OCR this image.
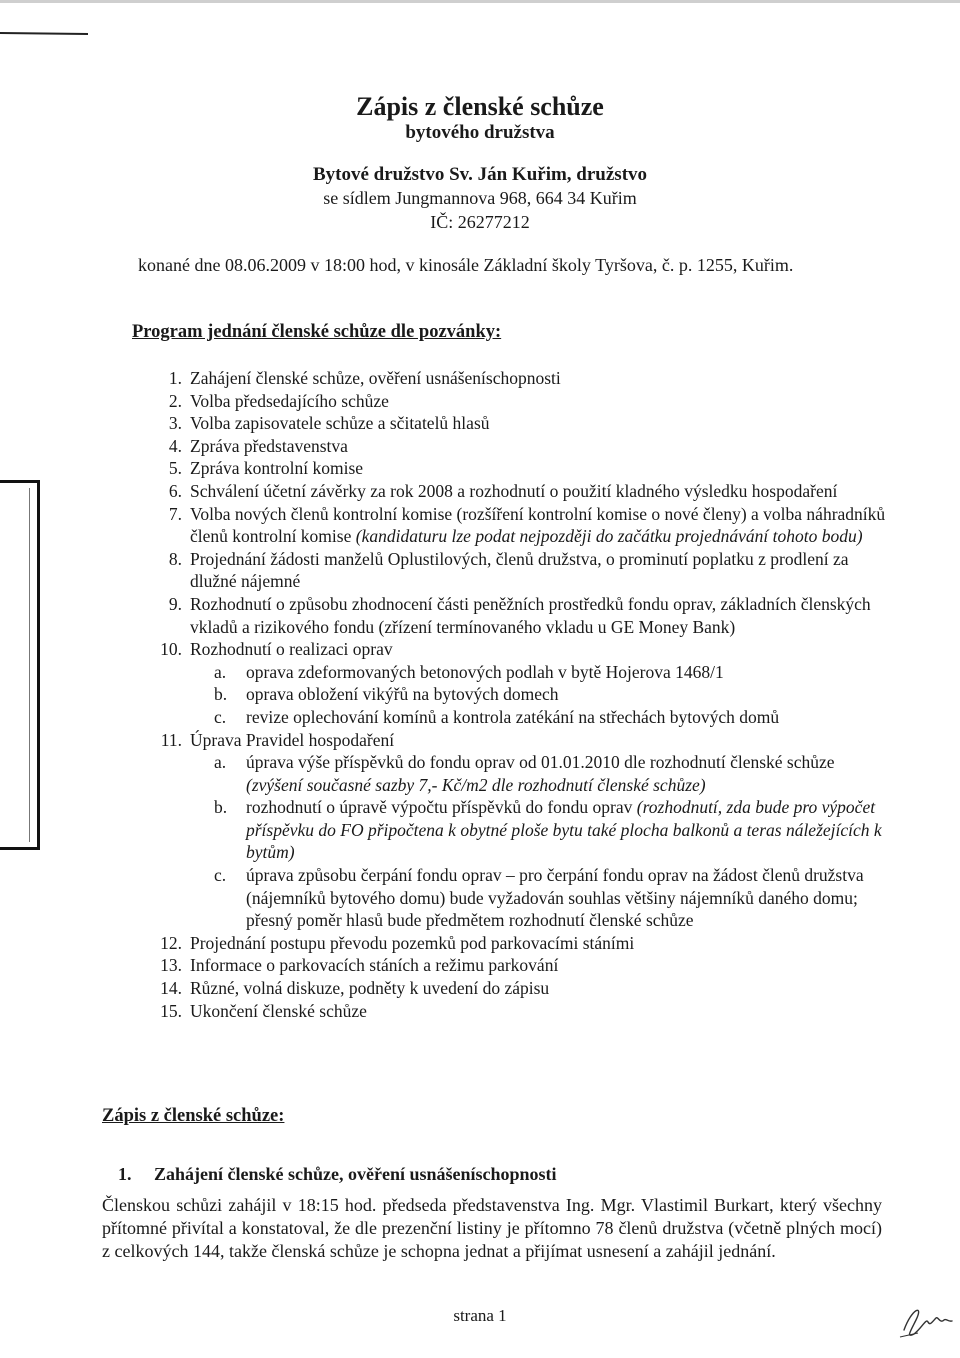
Zápis z členské schůze
bytového družstva
Bytové družstvo Sv. Ján Kuřim, družstvo
se sídlem Jungmannova 968, 664 34 Kuřim
IČ: 26277212
konané dne 08.06.2009 v 18:00 hod, v kinosále Základní školy Tyršova, č. p. 1255, Kuřim.
Program jednání členské schůze dle pozvánky:
1. Zahájení členské schůze, ověření usnášeníschopnosti
2. Volba předsedajícího schůze
3. Volba zapisovatele schůze a sčitatelů hlasů
4. Zpráva představenstva
5. Zpráva kontrolní komise
6. Schválení účetní závěrky za rok 2008 a rozhodnutí o použití kladného výsledku hospodaření
7. Volba nových členů kontrolní komise (rozšíření kontrolní komise o nové členy) a volba náhradníků členů kontrolní komise (kandidaturu lze podat nejpozději do začátku projednávání tohoto bodu)
8. Projednání žádosti manželů Oplustilových, členů družstva, o prominutí poplatku z prodlení za dlužné nájemné
9. Rozhodnutí o způsobu zhodnocení části peněžních prostředků fondu oprav, základních členských vkladů a rizikového fondu (zřízení termínovaného vkladu u GE Money Bank)
10. Rozhodnutí o realizaci oprav
a.	oprava zdeformovaných betonových podlah v bytě Hojerova 1468/1
b.	oprava obložení vikýřů na bytových domech
c.	revize oplechování komínů a kontrola zatékání na střechách bytových domů
11. Úprava Pravidel hospodaření
a.	úprava výše příspěvků do fondu oprav od 01.01.2010 dle rozhodnutí členské schůze (zvýšení současné sazby 7,- Kč/m2 dle rozhodnutí členské schůze)
b.	rozhodnutí o úpravě výpočtu příspěvků do fondu oprav (rozhodnutí, zda bude pro výpočet příspěvku do FO připočtena k obytné ploše bytu také plocha balkonů a teras náležejících k bytům)
c.	úprava způsobu čerpání fondu oprav – pro čerpání fondu oprav na žádost členů družstva (nájemníků bytového domu) bude vyžadován souhlas většiny nájemníků daného domu; přesný poměr hlasů bude předmětem rozhodnutí členské schůze
12. Projednání postupu převodu pozemků pod parkovacími stáními
13. Informace o parkovacích stáních a režimu parkování
14. Různé, volná diskuze, podněty k uvedení do zápisu
15. Ukončení členské schůze
Zápis z členské schůze:
1. Zahájení členské schůze, ověření usnášeníschopnosti

Členskou schůzi zahájil v 18:15 hod. předseda představenstva Ing. Mgr. Vlastimil Burkart, který všechny přítomné přivítal a konstatoval, že dle prezenční listiny je přítomno 78 členů družstva (včetně plných mocí) z celkových 144, takže členská schůze je schopna jednat a přijímat usnesení a zahájil jednání.

strana 1
